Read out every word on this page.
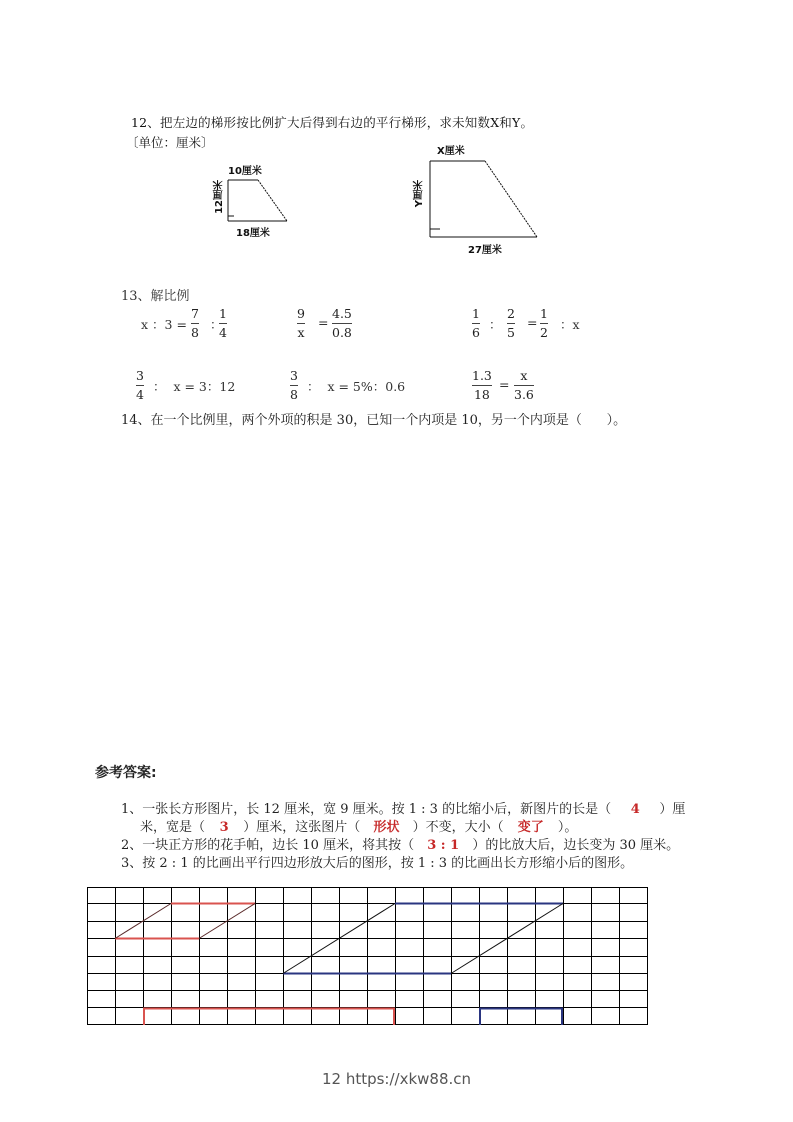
12、把左边的梯形按比例扩大后得到右边的平行梯形，求未知数X和Y。
〔单位：厘米〕
10厘米
12厘米
18厘米
X厘米
Y厘米
27厘米
13、解比例
x ：3 =
7
8
：
1
4
9
x
=
4.5
0.8
1
6
：
2
5
=
1
2
：x
3
4
：  x = 3：12
3
8
：  x = 5%：0.6
1.3
18
=
x
3.6
14、在一个比例里，两个外项的积是 30，已知一个内项是 10，另一个内项是（      ）。
参考答案:
1、一张长方形图片，长 12 厘米，宽 9 厘米。按 1 : 3 的比缩小后，新图片的长是（ 4 ）厘
米，宽是（ 3 ）厘米，这张图片（ 形状 ）不变，大小（ 变了 ）。
2、一块正方形的花手帕，边长 10 厘米，将其按（ 3 : 1 ）的比放大后，边长变为 30 厘米。
3、按 2 : 1 的比画出平行四边形放大后的图形，按 1 : 3 的比画出长方形缩小后的图形。
12 https://xkw88.cn
